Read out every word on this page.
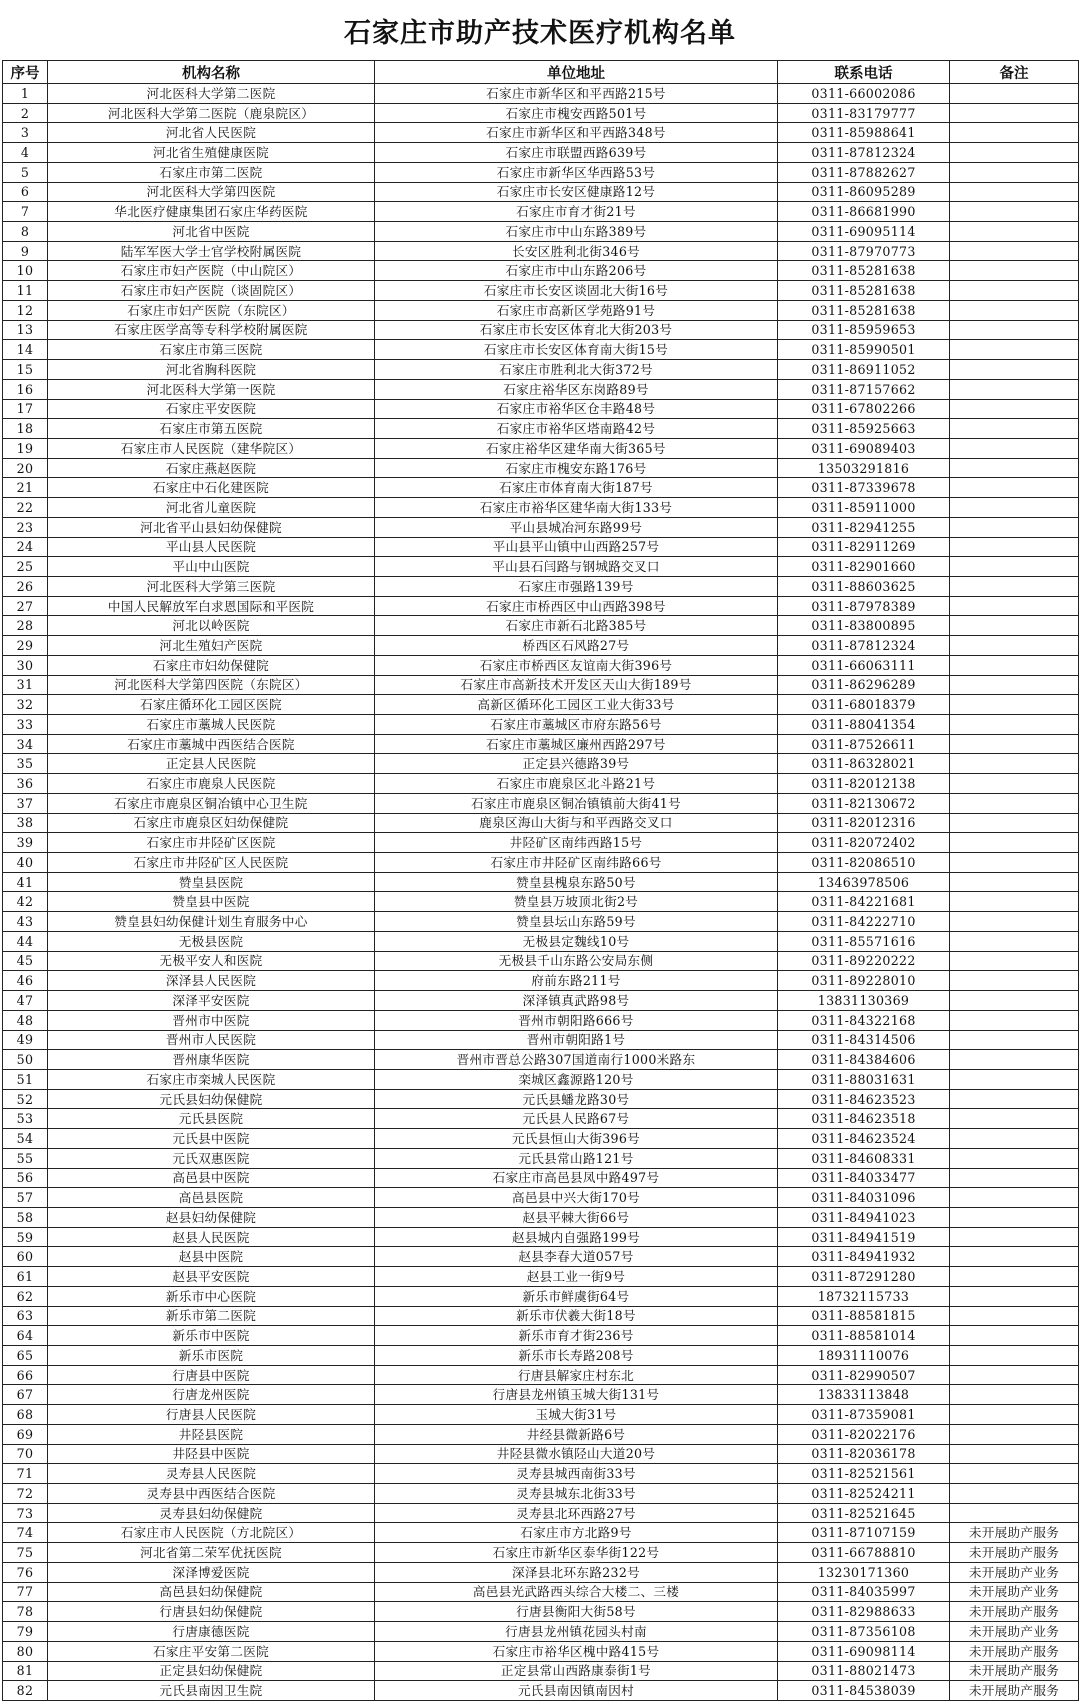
石家庄市助产技术医疗机构名单
序号	机构名称	单位地址	联系电话	备注
1	河北医科大学第二医院	石家庄市新华区和平西路215号	0311-66002086	
2	河北医科大学第二医院（鹿泉院区）	石家庄市槐安西路501号	0311-83179777	
3	河北省人民医院	石家庄市新华区和平西路348号	0311-85988641	
4	河北省生殖健康医院	石家庄市联盟西路639号	0311-87812324	
5	石家庄市第二医院	石家庄市新华区华西路53号	0311-87882627	
6	河北医科大学第四医院	石家庄市长安区健康路12号	0311-86095289	
7	华北医疗健康集团石家庄华药医院	石家庄市育才街21号	0311-86681990	
8	河北省中医院	石家庄市中山东路389号	0311-69095114	
9	陆军军医大学士官学校附属医院	长安区胜利北街346号	0311-87970773	
10	石家庄市妇产医院（中山院区）	石家庄市中山东路206号	0311-85281638	
11	石家庄市妇产医院（谈固院区）	石家庄市长安区谈固北大街16号	0311-85281638	
12	石家庄市妇产医院（东院区）	石家庄市高新区学苑路91号	0311-85281638	
13	石家庄医学高等专科学校附属医院	石家庄市长安区体育北大街203号	0311-85959653	
14	石家庄市第三医院	石家庄市长安区体育南大街15号	0311-85990501	
15	河北省胸科医院	石家庄市胜利北大街372号	0311-86911052	
16	河北医科大学第一医院	石家庄裕华区东岗路89号	0311-87157662	
17	石家庄平安医院	石家庄市裕华区仓丰路48号	0311-67802266	
18	石家庄市第五医院	石家庄市裕华区塔南路42号	0311-85925663	
19	石家庄市人民医院（建华院区）	石家庄裕华区建华南大街365号	0311-69089403	
20	石家庄燕赵医院	石家庄市槐安东路176号	13503291816	
21	石家庄中石化建医院	石家庄市体育南大街187号	0311-87339678	
22	河北省儿童医院	石家庄市裕华区建华南大街133号	0311-85911000	
23	河北省平山县妇幼保健院	平山县城冶河东路99号	0311-82941255	
24	平山县人民医院	平山县平山镇中山西路257号	0311-82911269	
25	平山中山医院	平山县石闫路与钢城路交叉口	0311-82901660	
26	河北医科大学第三医院	石家庄市强路139号	0311-88603625	
27	中国人民解放军白求恩国际和平医院	石家庄市桥西区中山西路398号	0311-87978389	
28	河北以岭医院	石家庄市新石北路385号	0311-83800895	
29	河北生殖妇产医院	桥西区石风路27号	0311-87812324	
30	石家庄市妇幼保健院	石家庄市桥西区友谊南大街396号	0311-66063111	
31	河北医科大学第四医院（东院区）	石家庄市高新技术开发区天山大街189号	0311-86296289	
32	石家庄循环化工园区医院	高新区循环化工园区工业大街33号	0311-68018379	
33	石家庄市藁城人民医院	石家庄市藁城区市府东路56号	0311-88041354	
34	石家庄市藁城中西医结合医院	石家庄市藁城区廉州西路297号	0311-87526611	
35	正定县人民医院	正定县兴德路39号	0311-86328021	
36	石家庄市鹿泉人民医院	石家庄市鹿泉区北斗路21号	0311-82012138	
37	石家庄市鹿泉区铜冶镇中心卫生院	石家庄市鹿泉区铜冶镇镇前大街41号	0311-82130672	
38	石家庄市鹿泉区妇幼保健院	鹿泉区海山大街与和平西路交叉口	0311-82012316	
39	石家庄市井陉矿区医院	井陉矿区南纬西路15号	0311-82072402	
40	石家庄市井陉矿区人民医院	石家庄市井陉矿区南纬路66号	0311-82086510	
41	赞皇县医院	赞皇县槐泉东路50号	13463978506	
42	赞皇县中医院	赞皇县万坡顶北街2号	0311-84221681	
43	赞皇县妇幼保健计划生育服务中心	赞皇县坛山东路59号	0311-84222710	
44	无极县医院	无极县定魏线10号	0311-85571616	
45	无极平安人和医院	无极县千山东路公安局东侧	0311-89220222	
46	深泽县人民医院	府前东路211号	0311-89228010	
47	深泽平安医院	深泽镇真武路98号	13831130369	
48	晋州市中医院	晋州市朝阳路666号	0311-84322168	
49	晋州市人民医院	晋州市朝阳路1号	0311-84314506	
50	晋州康华医院	晋州市晋总公路307国道南行1000米路东	0311-84384606	
51	石家庄市栾城人民医院	栾城区鑫源路120号	0311-88031631	
52	元氏县妇幼保健院	元氏县蟠龙路30号	0311-84623523	
53	元氏县医院	元氏县人民路67号	0311-84623518	
54	元氏县中医院	元氏县恒山大街396号	0311-84623524	
55	元氏双惠医院	元氏县常山路121号	0311-84608331	
56	高邑县中医院	石家庄市高邑县凤中路497号	0311-84033477	
57	高邑县医院	高邑县中兴大街170号	0311-84031096	
58	赵县妇幼保健院	赵县平棘大街66号	0311-84941023	
59	赵县人民医院	赵县城内自强路199号	0311-84941519	
60	赵县中医院	赵县李春大道057号	0311-84941932	
61	赵县平安医院	赵县工业一街9号	0311-87291280	
62	新乐市中心医院	新乐市鲜虞街64号	18732115733	
63	新乐市第二医院	新乐市伏羲大街18号	0311-88581815	
64	新乐市中医院	新乐市育才街236号	0311-88581014	
65	新乐市医院	新乐市长寿路208号	18931110076	
66	行唐县中医院	行唐县解家庄村东北	0311-82990507	
67	行唐龙州医院	行唐县龙州镇玉城大街131号	13833113848	
68	行唐县人民医院	玉城大街31号	0311-87359081	
69	井陉县医院	井经县微新路6号	0311-82022176	
70	井陉县中医院	井陉县微水镇陉山大道20号	0311-82036178	
71	灵寿县人民医院	灵寿县城西南街33号	0311-82521561	
72	灵寿县中西医结合医院	灵寿县城东北街33号	0311-82524211	
73	灵寿县妇幼保健院	灵寿县北环西路27号	0311-82521645	
74	石家庄市人民医院（方北院区）	石家庄市方北路9号	0311-87107159	未开展助产服务
75	河北省第二荣军优抚医院	石家庄市新华区泰华街122号	0311-66788810	未开展助产服务
76	深泽博爱医院	深泽县北环东路232号	13230171360	未开展助产业务
77	高邑县妇幼保健院	高邑县光武路西头综合大楼二、三楼	0311-84035997	未开展助产业务
78	行唐县妇幼保健院	行唐县衡阳大街58号	0311-82988633	未开展助产服务
79	行唐康德医院	行唐县龙州镇花园头村南	0311-87356108	未开展助产业务
80	石家庄平安第二医院	石家庄市裕华区槐中路415号	0311-69098114	未开展助产服务
81	正定县妇幼保健院	正定县常山西路康泰街1号	0311-88021473	未开展助产服务
82	元氏县南因卫生院	元氏县南因镇南因村	0311-84538039	未开展助产服务
